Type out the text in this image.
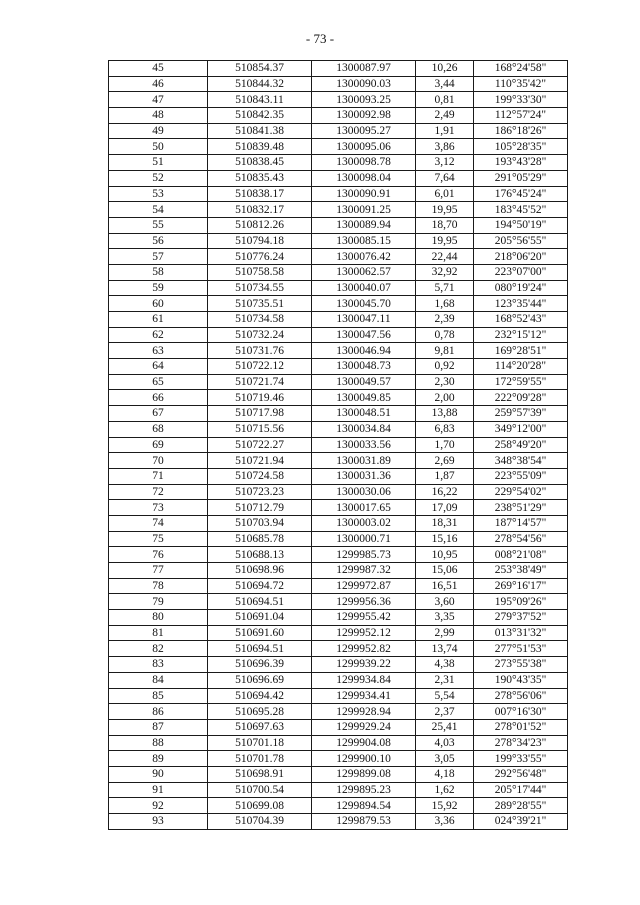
- 73 -
45	510854.37	1300087.97	10,26	168°24'58"
46	510844.32	1300090.03	3,44	110°35'42"
47	510843.11	1300093.25	0,81	199°33'30"
48	510842.35	1300092.98	2,49	112°57'24"
49	510841.38	1300095.27	1,91	186°18'26"
50	510839.48	1300095.06	3,86	105°28'35"
51	510838.45	1300098.78	3,12	193°43'28"
52	510835.43	1300098.04	7,64	291°05'29"
53	510838.17	1300090.91	6,01	176°45'24"
54	510832.17	1300091.25	19,95	183°45'52"
55	510812.26	1300089.94	18,70	194°50'19"
56	510794.18	1300085.15	19,95	205°56'55"
57	510776.24	1300076.42	22,44	218°06'20"
58	510758.58	1300062.57	32,92	223°07'00"
59	510734.55	1300040.07	5,71	080°19'24"
60	510735.51	1300045.70	1,68	123°35'44"
61	510734.58	1300047.11	2,39	168°52'43"
62	510732.24	1300047.56	0,78	232°15'12"
63	510731.76	1300046.94	9,81	169°28'51"
64	510722.12	1300048.73	0,92	114°20'28"
65	510721.74	1300049.57	2,30	172°59'55"
66	510719.46	1300049.85	2,00	222°09'28"
67	510717.98	1300048.51	13,88	259°57'39"
68	510715.56	1300034.84	6,83	349°12'00"
69	510722.27	1300033.56	1,70	258°49'20"
70	510721.94	1300031.89	2,69	348°38'54"
71	510724.58	1300031.36	1,87	223°55'09"
72	510723.23	1300030.06	16,22	229°54'02"
73	510712.79	1300017.65	17,09	238°51'29"
74	510703.94	1300003.02	18,31	187°14'57"
75	510685.78	1300000.71	15,16	278°54'56"
76	510688.13	1299985.73	10,95	008°21'08"
77	510698.96	1299987.32	15,06	253°38'49"
78	510694.72	1299972.87	16,51	269°16'17"
79	510694.51	1299956.36	3,60	195°09'26"
80	510691.04	1299955.42	3,35	279°37'52"
81	510691.60	1299952.12	2,99	013°31'32"
82	510694.51	1299952.82	13,74	277°51'53"
83	510696.39	1299939.22	4,38	273°55'38"
84	510696.69	1299934.84	2,31	190°43'35"
85	510694.42	1299934.41	5,54	278°56'06"
86	510695.28	1299928.94	2,37	007°16'30"
87	510697.63	1299929.24	25,41	278°01'52"
88	510701.18	1299904.08	4,03	278°34'23"
89	510701.78	1299900.10	3,05	199°33'55"
90	510698.91	1299899.08	4,18	292°56'48"
91	510700.54	1299895.23	1,62	205°17'44"
92	510699.08	1299894.54	15,92	289°28'55"
93	510704.39	1299879.53	3,36	024°39'21"
